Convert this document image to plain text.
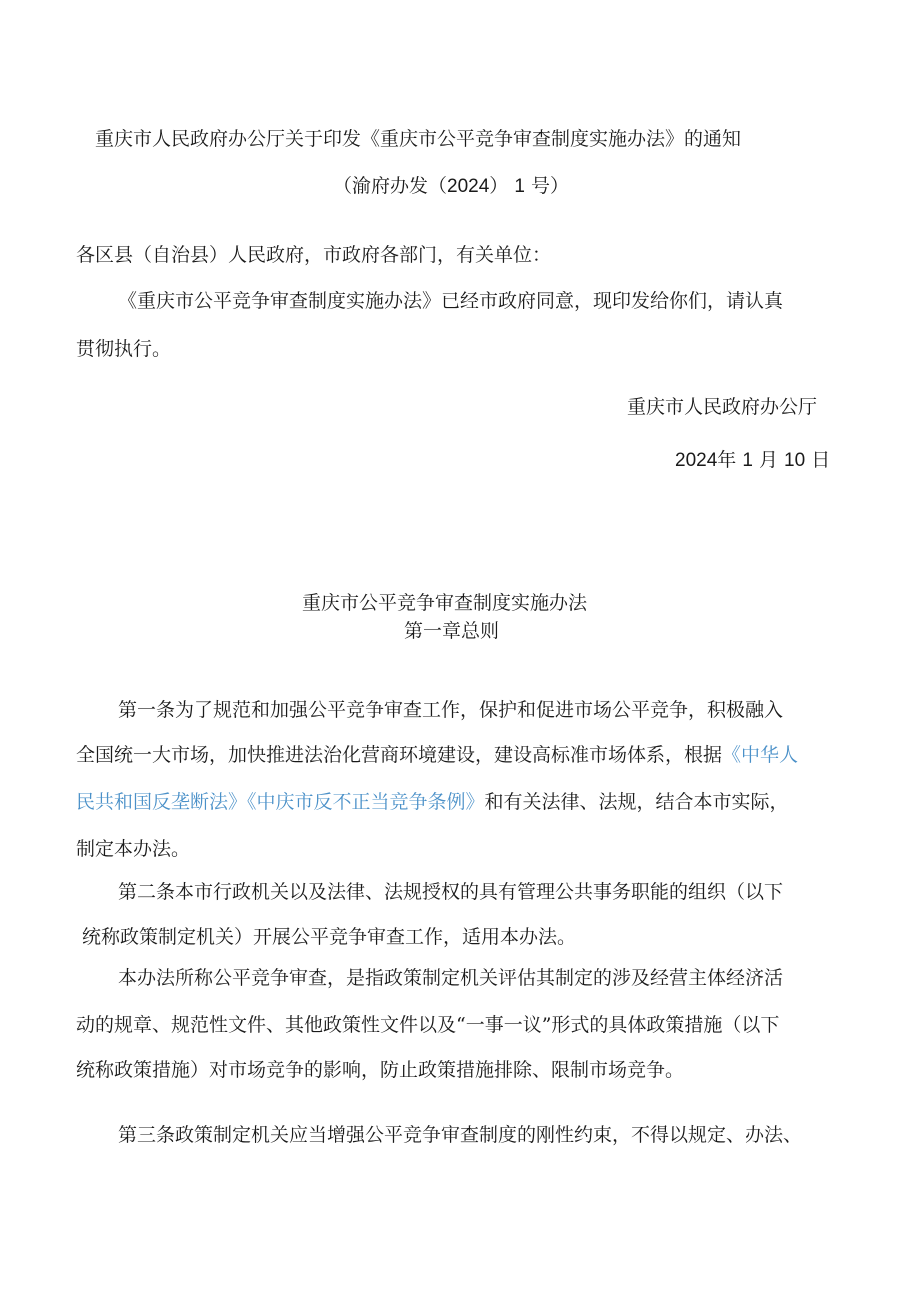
重庆市人民政府办公厅关于印发《重庆市公平竞争审查制度实施办法》的通知
（渝府办发（2024） 1 号）
各区县（自治县）人民政府，市政府各部门，有关单位：
《重庆市公平竞争审查制度实施办法》已经市政府同意，现印发给你们，请认真
贯彻执行。
重庆市人民政府办公厅
2024年 1 月 10 日
重庆市公平竞争审查制度实施办法
第一章总则
第一条为了规范和加强公平竞争审查工作，保护和促进市场公平竞争，积极融入
全国统一大市场，加快推进法治化营商环境建设，建设高标准市场体系，根据《中华人
民共和国反垄断法》《中庆市反不正当竞争条例》和有关法律、法规，结合本市实际，
制定本办法。
第二条本市行政机关以及法律、法规授权的具有管理公共事务职能的组织（以下
统称政策制定机关）开展公平竞争审查工作，适用本办法。
本办法所称公平竞争审查，是指政策制定机关评估其制定的涉及经营主体经济活
动的规章、规范性文件、其他政策性文件以及“一事一议”形式的具体政策措施（以下
统称政策措施）对市场竞争的影响，防止政策措施排除、限制市场竞争。
第三条政策制定机关应当增强公平竞争审查制度的刚性约束，不得以规定、办法、
